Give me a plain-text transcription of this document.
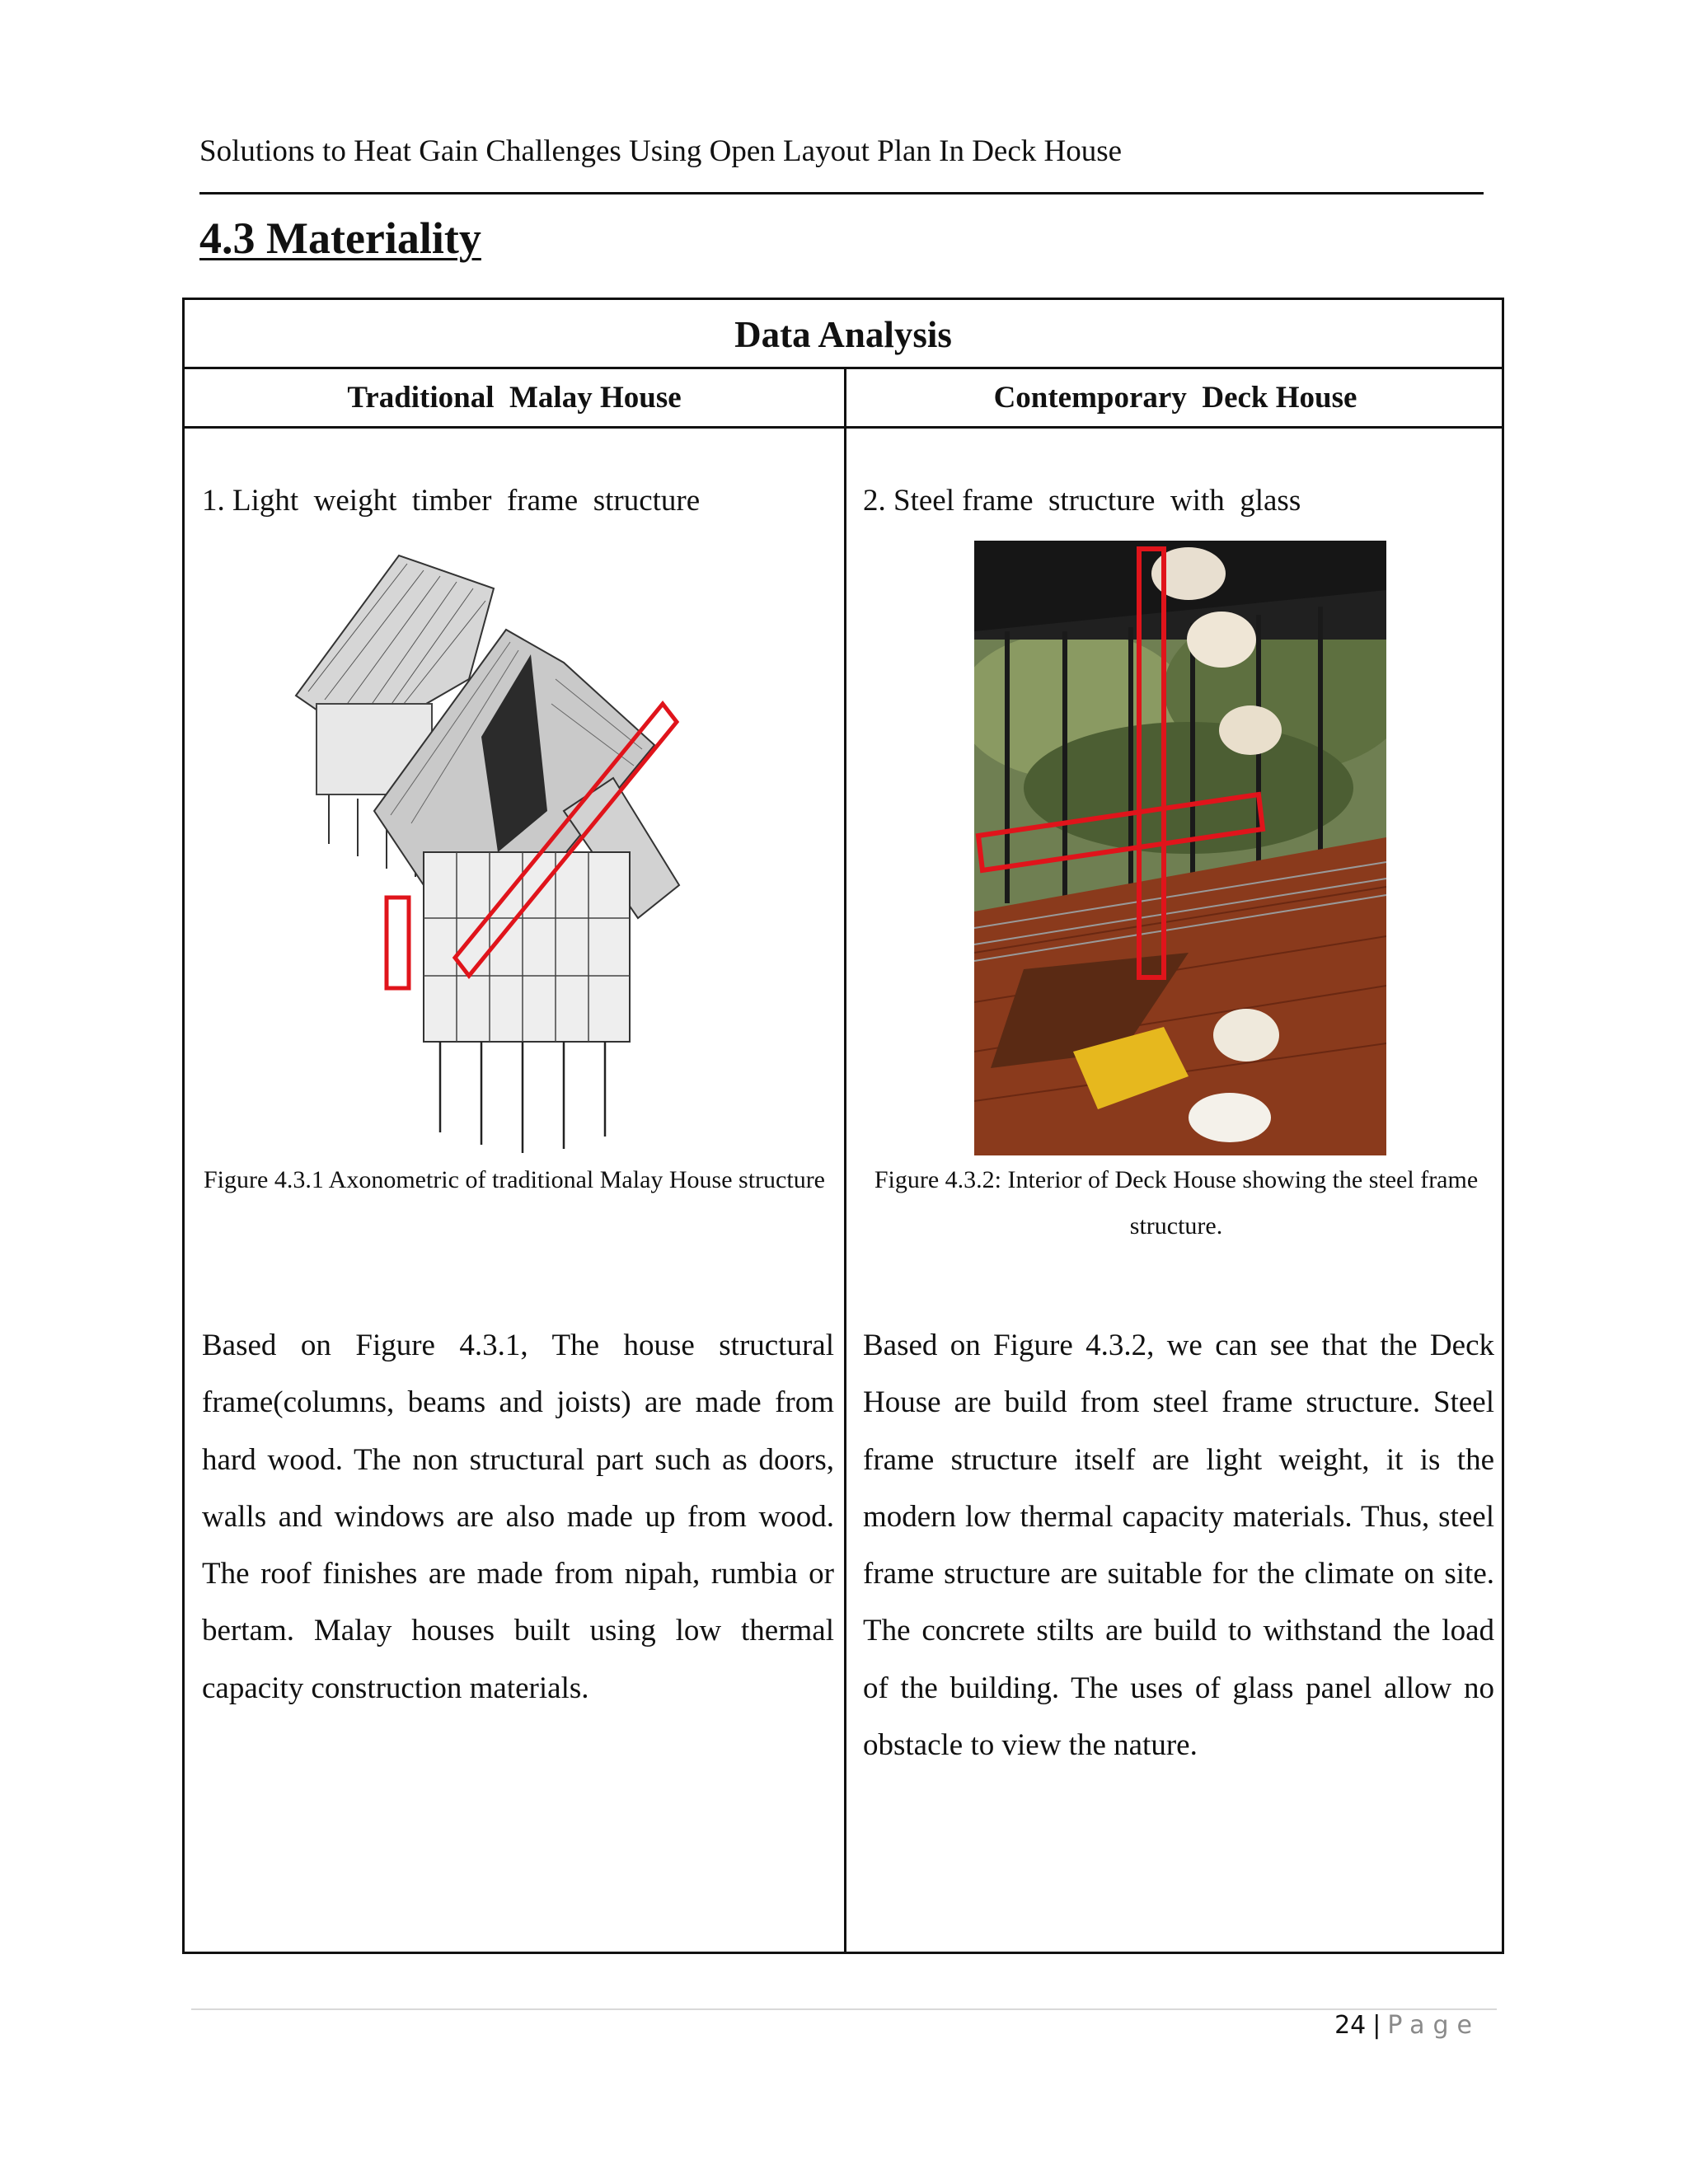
Solutions to Heat Gain Challenges Using Open Layout Plan In Deck House
4.3 Materiality
Data Analysis
Traditional  Malay House	Contemporary  Deck House
1. Light  weight  timber  frame  structure
Figure 4.3.1 Axonometric of traditional Malay House structure
Based on Figure 4.3.1, The house structural frame(columns, beams and joists) are made from hard wood. The non structural part such as doors, walls and windows are also made up from wood. The roof finishes are made from nipah, rumbia or bertam. Malay houses built using low thermal capacity construction materials.
2. Steel frame  structure  with  glass
Figure 4.3.2: Interior of Deck House showing the steel frame structure.
Based on Figure 4.3.2, we can see that the Deck House are build from steel frame structure. Steel frame structure itself are light weight, it is the modern low thermal capacity materials. Thus, steel frame structure are suitable for the climate on site. The concrete stilts are build to withstand the load of the building. The uses of glass panel allow no obstacle to view the nature.
24 | Page
